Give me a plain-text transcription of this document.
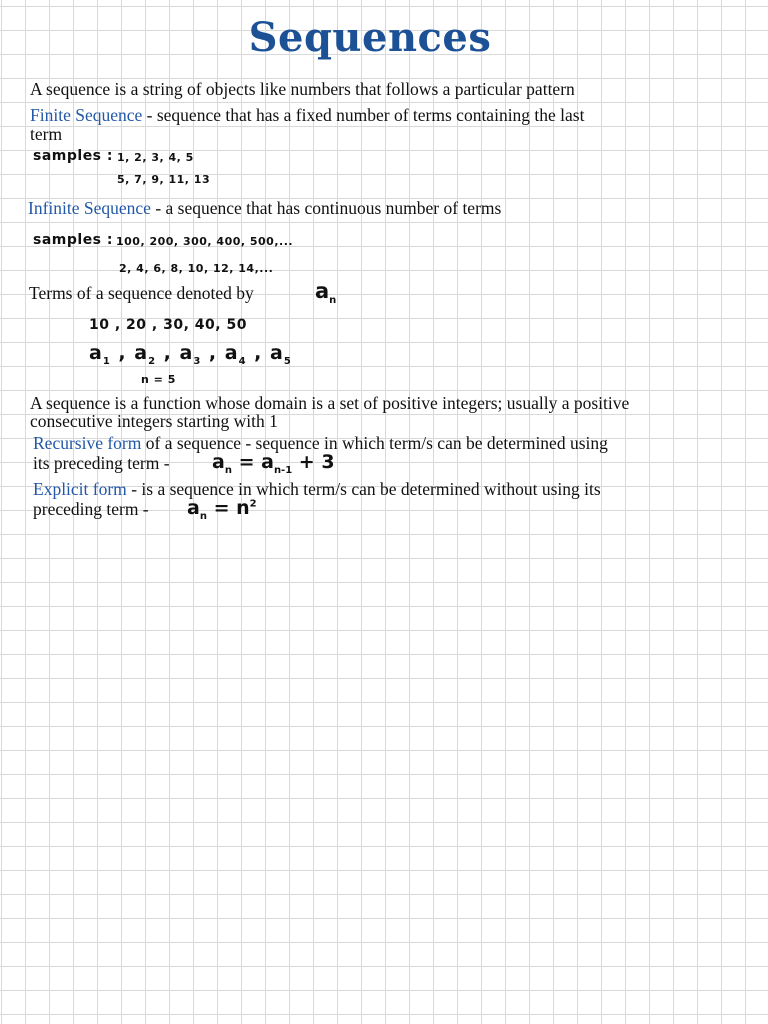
Sequences
A sequence is a string of objects like numbers that follows a particular pattern
Finite Sequence - sequence that has a fixed number of terms containing the last
term
samples : 1, 2, 3, 4, 5
5, 7, 9, 11, 13
Infinite Sequence - a sequence that has continuous number of terms
samples : 100, 200, 300, 400, 500,...
2, 4, 6, 8, 10, 12, 14,...
Terms of a sequence denoted by	$a_n$
10 , 20 , 30, 40, 50
$a_1$ , $a_2$ , $a_3$ , $a_4$ , $a_5$
n = 5
A sequence is a function whose domain is a set of positive integers; usually a positive
consecutive integers starting with 1
Recursive form of a sequence - sequence in which term/s can be determined using
its preceding term - $a_n = a_{n-1} + 3$
Explicit form - is a sequence in which term/s can be determined without using its
preceding term - $a_n = n^2$
